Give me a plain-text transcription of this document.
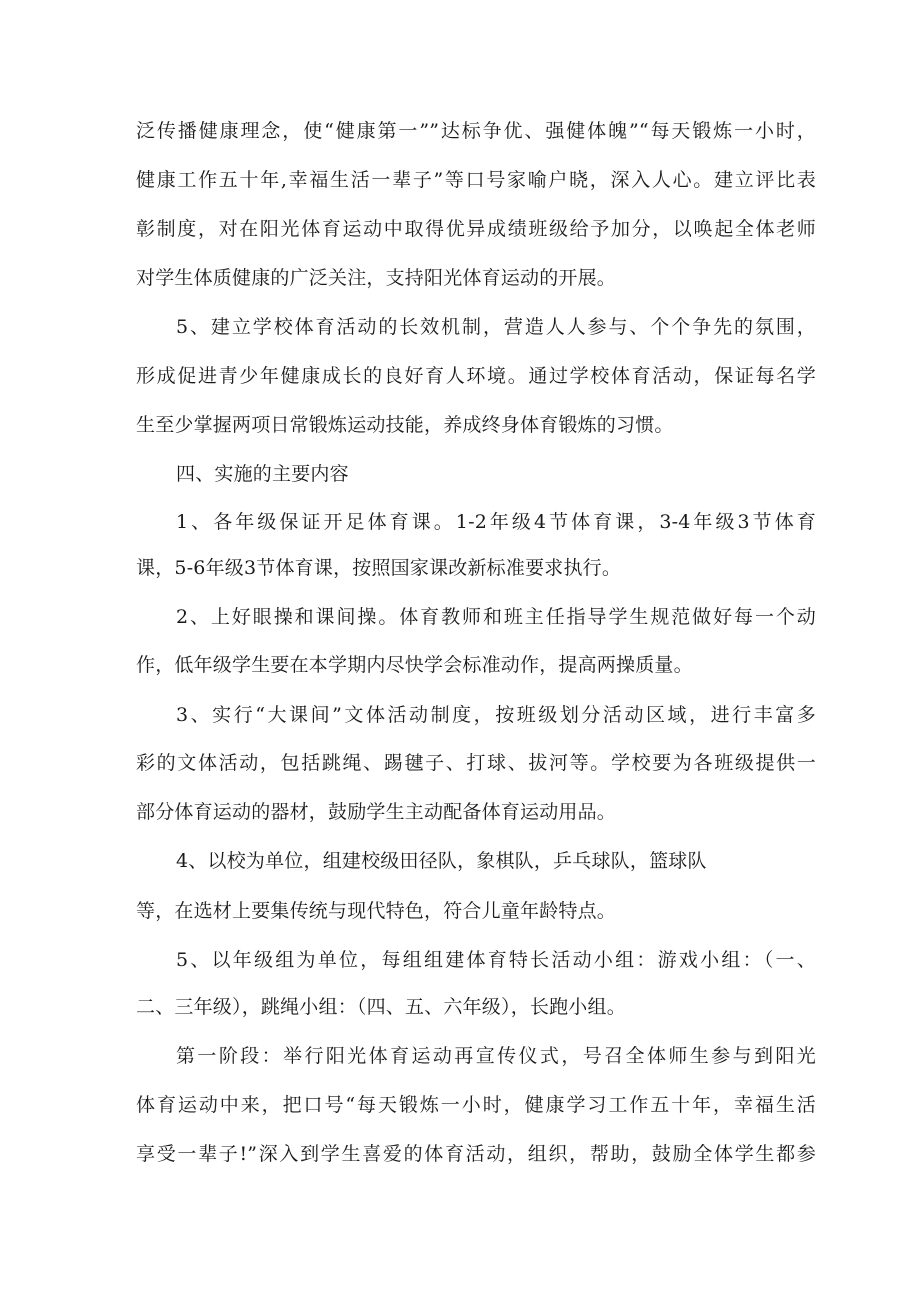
泛传播健康理念，使“健康第一””达标争优、强健体魄”“每天锻炼一小时，
健康工作五十年,幸福生活一辈子”等口号家喻户晓，深入人心。建立评比表
彰制度，对在阳光体育运动中取得优异成绩班级给予加分，以唤起全体老师
对学生体质健康的广泛关注，支持阳光体育运动的开展。
5、建立学校体育活动的长效机制，营造人人参与、个个争先的氛围，
形成促进青少年健康成长的良好育人环境。通过学校体育活动，保证每名学
生至少掌握两项日常锻炼运动技能，养成终身体育锻炼的习惯。
四、实施的主要内容
1、各年级保证开足体育课。1-2年级4节体育课，3-4年级3节体育
课，5-6年级3节体育课，按照国家课改新标准要求执行。
2、上好眼操和课间操。体育教师和班主任指导学生规范做好每一个动
作，低年级学生要在本学期内尽快学会标准动作，提高两操质量。
3、实行“大课间”文体活动制度，按班级划分活动区域，进行丰富多
彩的文体活动，包括跳绳、踢毽子、打球、拔河等。学校要为各班级提供一
部分体育运动的器材，鼓励学生主动配备体育运动用品。
4、以校为单位，组建校级田径队，象棋队，乒乓球队，篮球队
等，在选材上要集传统与现代特色，符合儿童年龄特点。
5、以年级组为单位，每组组建体育特长活动小组：游戏小组：（一、
二、三年级），跳绳小组：（四、五、六年级），长跑小组。
第一阶段：举行阳光体育运动再宣传仪式，号召全体师生参与到阳光
体育运动中来，把口号“每天锻炼一小时，健康学习工作五十年，幸福生活
享受一辈子!”深入到学生喜爱的体育活动，组织，帮助，鼓励全体学生都参
